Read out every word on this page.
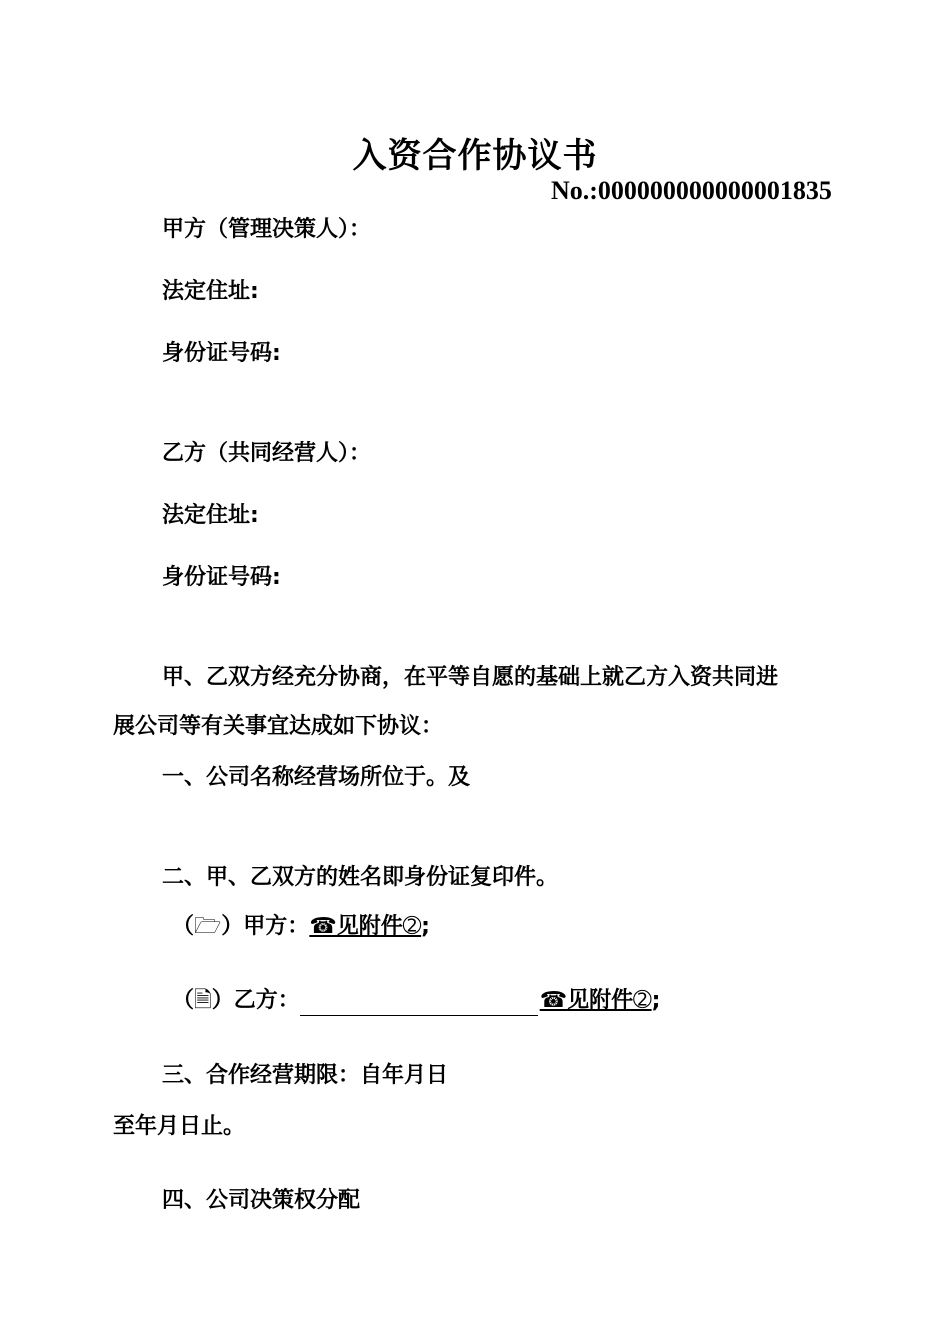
入资合作协议书
No.:000000000000001835
甲方（管理决策人）：
法定住址:
身份证号码:
乙方（共同经营人）：
法定住址:
身份证号码:
甲、乙双方经充分协商，在平等自愿的基础上就乙方入资共同进
展公司等有关事宜达成如下协议：
一、公司名称经营场所位于。及
二、甲、乙双方的姓名即身份证复印件。
（🗁）甲方：☎见附件➁;
（🗎）乙方：	☎见附件➁;
三、合作经营期限：自年月日
至年月日止。
四、公司决策权分配
